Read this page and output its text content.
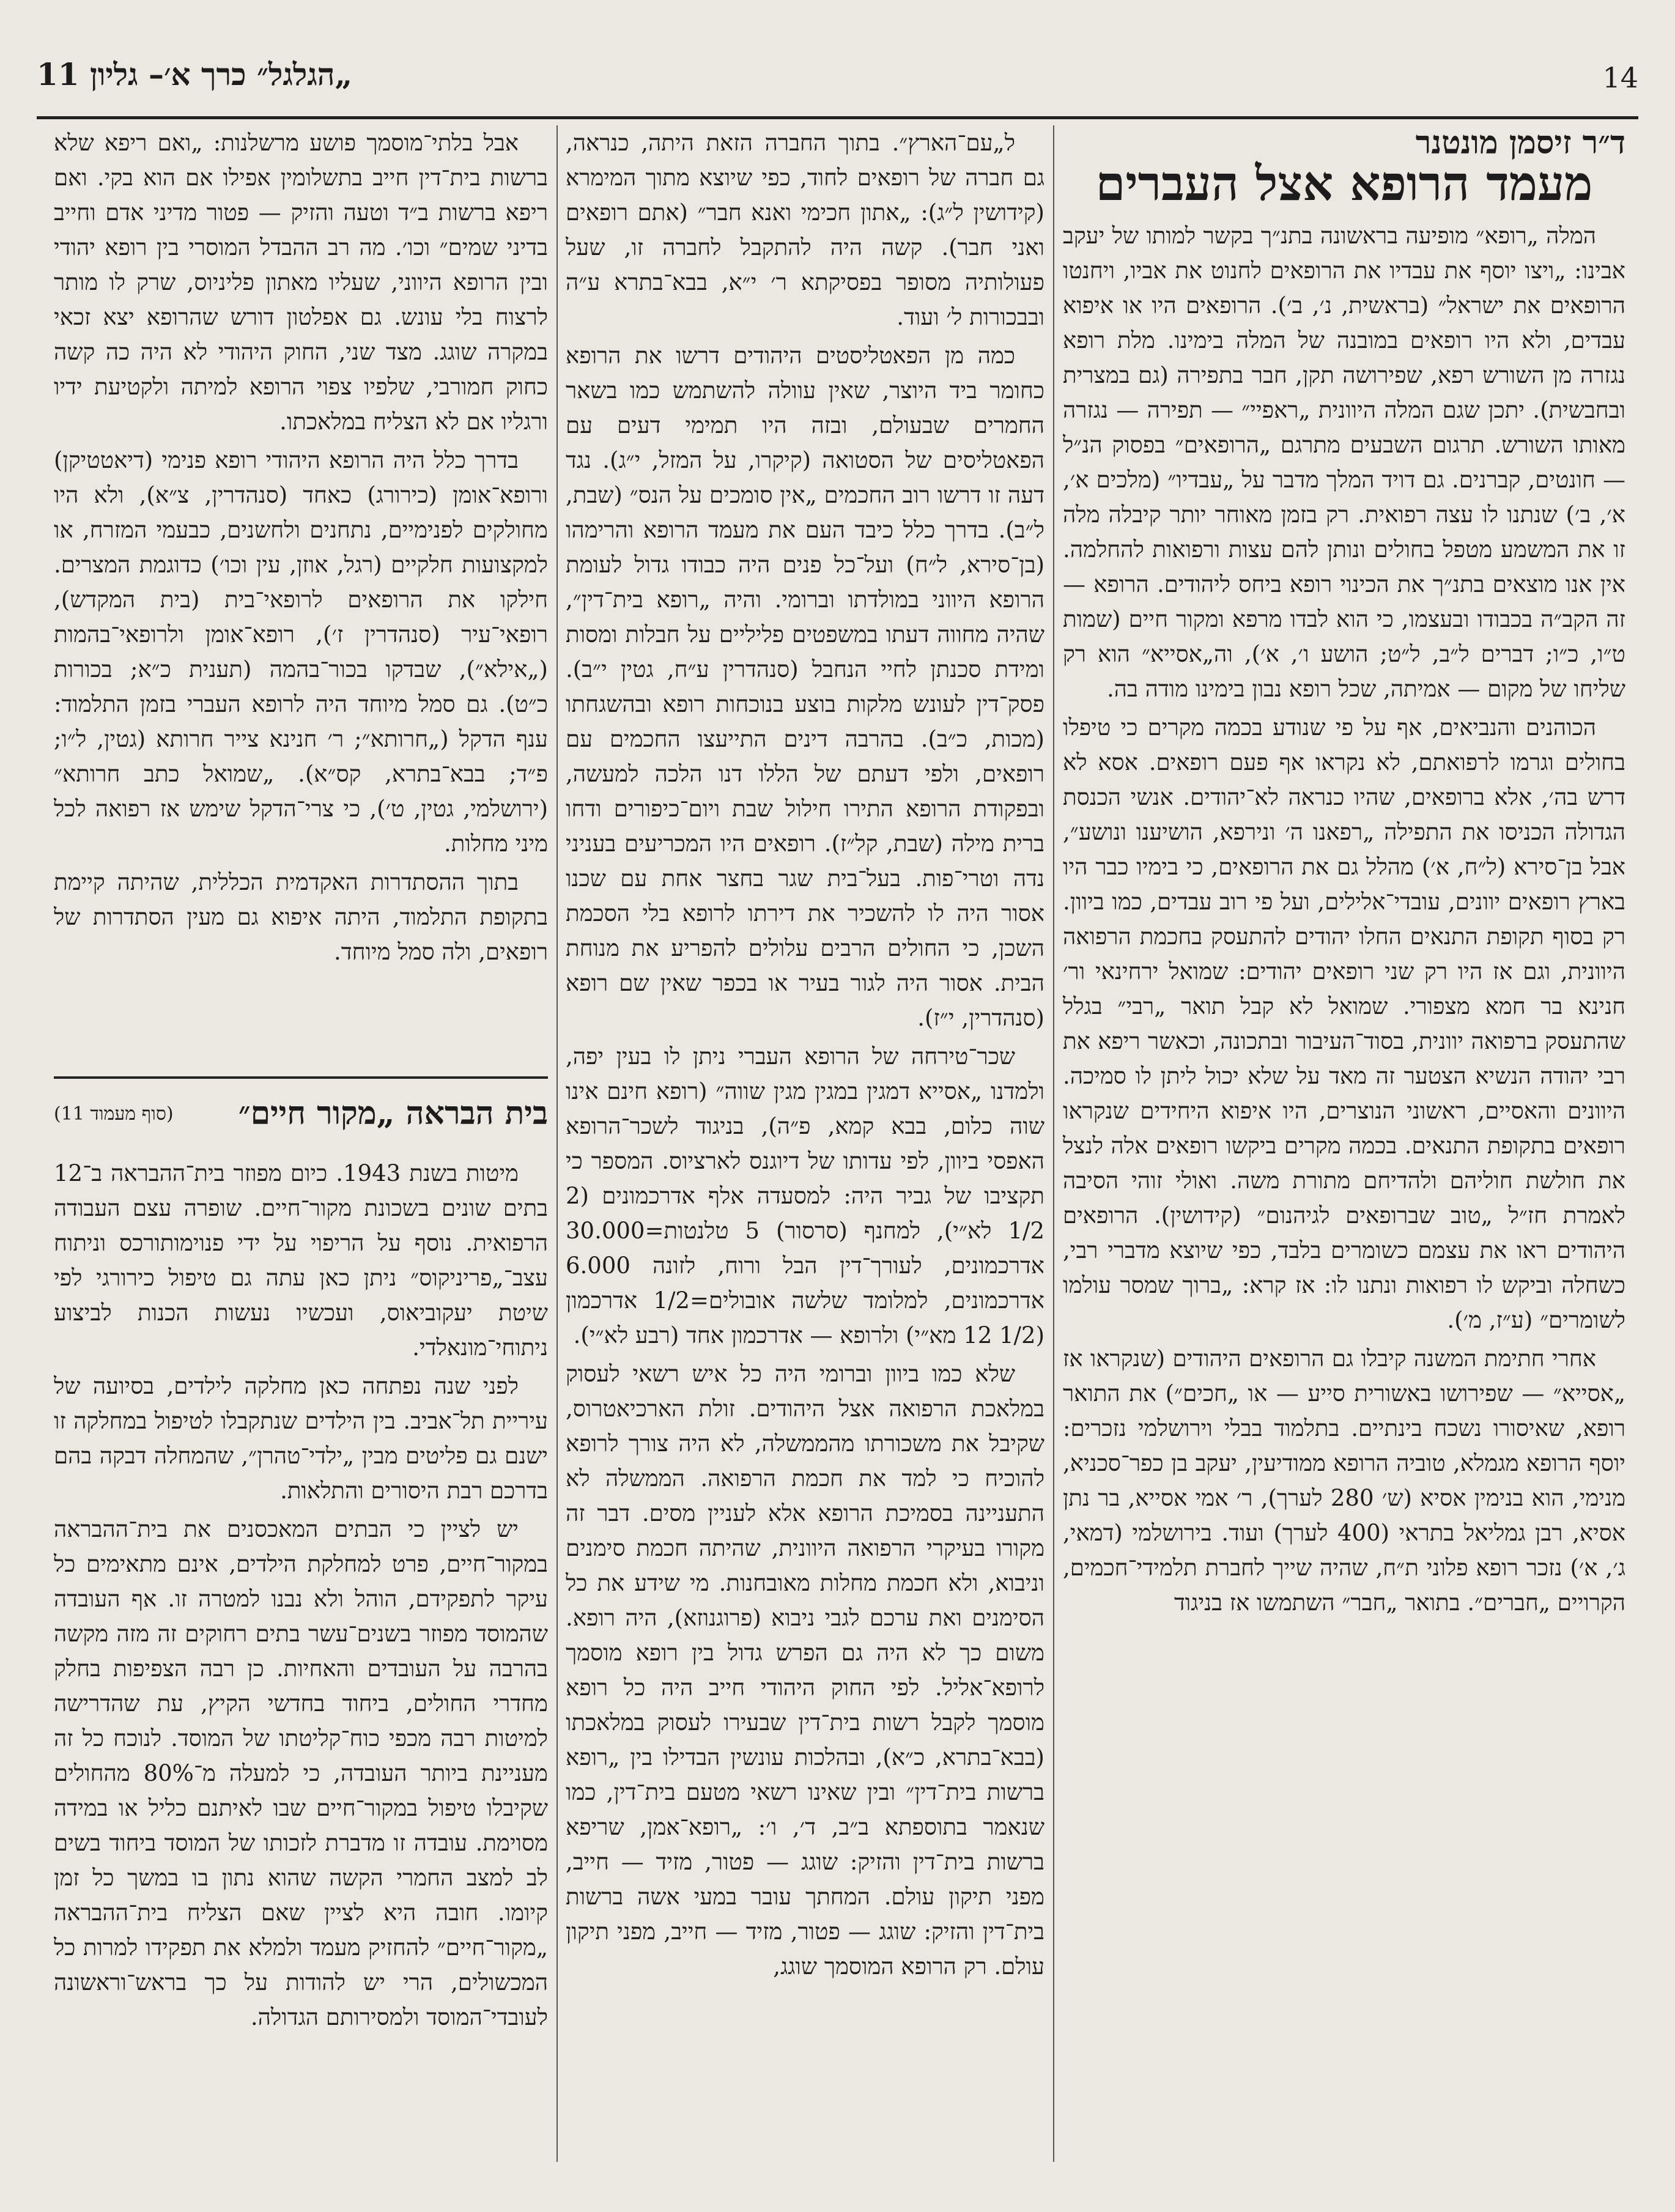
14
„הגלגל״ כרך א׳– גליון 11
ד״ר זיסמן מונטנר
מעמד הרופא אצל העברים

המלה „רופא״ מופיעה בראשונה בתנ״ך בקשר למותו של יעקב אבינו: „ויצו יוסף את עבדיו את הרופאים לחנוט את אביו, ויחנטו הרופאים את ישראל״ (בראשית, נ׳, ב׳). הרופאים היו או איפוא עבדים, ולא היו רופאים במובנה של המלה בימינו. מלת רופא נגזרה מן השורש רפא, שפירושה תקן, חבר בתפירה (גם במצרית ובחבשית). יתכן שגם המלה היוונית „ראפיי״ — תפירה — נגזרה מאותו השורש. תרגום השבעים מתרגם „הרופאים״ בפסוק הנ״ל — חונטים, קברנים. גם דויד המלך מדבר על „עבדיו״ (מלכים א׳, א׳, ב׳) שנתנו לו עצה רפואית. רק בזמן מאוחר יותר קיבלה מלה זו את המשמע מטפל בחולים ונותן להם עצות ורפואות להחלמה. אין אנו מוצאים בתנ״ך את הכינוי רופא ביחס ליהודים. הרופא — זה הקב״ה בכבודו ובעצמו, כי הוא לבדו מרפא ומקור חיים (שמות ט״ו, כ״ו; דברים ל״ב, ל״ט; הושע ו׳, א׳), וה„אסייא״ הוא רק שליחו של מקום — אמיתה, שכל רופא נבון בימינו מודה בה.

הכוהנים והנביאים, אף על פי שנודע בכמה מקרים כי טיפלו בחולים וגרמו לרפואתם, לא נקראו אף פעם רופאים. אסא לא דרש בה׳, אלא ברופאים, שהיו כנראה לא־יהודים. אנשי הכנסת הגדולה הכניסו את התפילה „רפאנו ה׳ ונירפא, הושיענו ונושע״, אבל בן־סירא (ל״ח, א׳) מהלל גם את הרופאים, כי בימיו כבר היו בארץ רופאים יוונים, עובדי־אלילים, ועל פי רוב עבדים, כמו ביוון. רק בסוף תקופת התנאים החלו יהודים להתעסק בחכמת הרפואה היוונית, וגם אז היו רק שני רופאים יהודים: שמואל ירחינאי ור׳ חנינא בר חמא מצפורי. שמואל לא קבל תואר „רבי״ בגלל שהתעסק ברפואה יוונית, בסוד־העיבור ובתכונה, וכאשר ריפא את רבי יהודה הנשיא הצטער זה מאד על שלא יכול ליתן לו סמיכה. היוונים והאסיים, ראשוני הנוצרים, היו איפוא היחידים שנקראו רופאים בתקופת התנאים. בכמה מקרים ביקשו רופאים אלה לנצל את חולשת חוליהם ולהדיחם מתורת משה. ואולי זוהי הסיבה לאמרת חז״ל „טוב שברופאים לגיהנום״ (קידושין). הרופאים היהודים ראו את עצמם כשומרים בלבד, כפי שיוצא מדברי רבי, כשחלה וביקש לו רפואות ונתנו לו: אז קרא: „ברוך שמסר עולמו לשומרים״ (ע״ז, מ׳).

אחרי חתימת המשנה קיבלו גם הרופאים היהודים (שנקראו אז „אסייא״ — שפירושו באשורית סייע — או „חכים״) את התואר רופא, שאיסורו נשכח בינתיים. בתלמוד בבלי וירושלמי נזכרים: יוסף הרופא מגמלא, טוביה הרופא ממודיעין, יעקב בן כפר־סכניא, מנימי, הוא בנימין אסיא (ש׳ 280 לערך), ר׳ אמי אסייא, בר נתן אסיא, רבן גמליאל בתראי (400 לערך) ועוד. בירושלמי (דמאי, ג׳, א׳) נזכר רופא פלוני ת״ח, שהיה שייך לחברת תלמידי־חכמים, הקרויים „חברים״. בתואר „חבר״ השתמשו אז בניגוד

ל„עם־הארץ״. בתוך החברה הזאת היתה, כנראה, גם חברה של רופאים לחוד, כפי שיוצא מתוך המימרא (קידושין ל״ג): „אתון חכימי ואנא חבר״ (אתם רופאים ואני חבר). קשה היה להתקבל לחברה זו, שעל פעולותיה מסופר בפסיקתא ר׳ י״א, בבא־בתרא ע״ה ובבכורות ל׳ ועוד.

כמה מן הפאטליסטים היהודים דרשו את הרופא כחומר ביד היוצר, שאין עוולה להשתמש כמו בשאר החמרים שבעולם, ובזה היו תמימי דעים עם הפאטליסים של הסטואה (קיקרו, על המזל, י״ג). נגד דעה זו דרשו רוב החכמים „אין סומכים על הנס״ (שבת, ל״ב). בדרך כלל כיבד העם את מעמד הרופא והרימהו (בן־סירא, ל״ח) ועל־כל פנים היה כבודו גדול לעומת הרופא היווני במולדתו וברומי. והיה „רופא בית־דין״, שהיה מחווה דעתו במשפטים פליליים על חבלות ומסות ומידת סכנתן לחיי הנחבל (סנהדרין ע״ח, גטין י״ב). פסק־דין לעונש מלקות בוצע בנוכחות רופא ובהשגחתו (מכות, כ״ב). בהרבה דינים התייעצו החכמים עם רופאים, ולפי דעתם של הללו דנו הלכה למעשה, ובפקודת הרופא התירו חילול שבת ויום־כיפורים ודחו ברית מילה (שבת, קל״ז). רופאים היו המכריעים בעניני נדה וטרי־פות. בעל־בית שגר בחצר אחת עם שכנו אסור היה לו להשכיר את דירתו לרופא בלי הסכמת השכן, כי החולים הרבים עלולים להפריע את מנוחת הבית. אסור היה לגור בעיר או בכפר שאין שם רופא (סנהדרין, י״ז).

שכר־טירחה של הרופא העברי ניתן לו בעין יפה, ולמדנו „אסייא דמגין במגין מגין שווה״ (רופא חינם אינו שוה כלום, בבא קמא, פ״ה), בניגוד לשכר־הרופא האפסי ביוון, לפי עדותו של דיוגנס לארציוס. המספר כי תקציבו של גביר היה: למסעדה אלף אדרכמונים (2 1/2 לא״י), למחנף (סרסור) 5 טלנטות=30.000 אדרכמונים, לעורך־דין הבל ורוח, לזונה 6.000 אדרכמונים, למלומד שלשה אובולים=1/2 אדרכמון (1/2 12 מא״י) ולרופא — אדרכמון אחד (רבע לא״י).

שלא כמו ביוון וברומי היה כל איש רשאי לעסוק במלאכת הרפואה אצל היהודים. זולת הארכיאטרוס, שקיבל את משכורתו מהממשלה, לא היה צורך לרופא להוכיח כי למד את חכמת הרפואה. הממשלה לא התעניינה בסמיכת הרופא אלא לעניין מסים. דבר זה מקורו בעיקרי הרפואה היוונית, שהיתה חכמת סימנים וניבוא, ולא חכמת מחלות מאובחנות. מי שידע את כל הסימנים ואת ערכם לגבי ניבוא (פרוגנוזא), היה רופא. משום כך לא היה גם הפרש גדול בין רופא מוסמך לרופא־אליל. לפי החוק היהודי חייב היה כל רופא מוסמך לקבל רשות בית־דין שבעירו לעסוק במלאכתו (בבא־בתרא, כ״א), ובהלכות עונשין הבדילו בין „רופא ברשות בית־דין״ ובין שאינו רשאי מטעם בית־דין, כמו שנאמר בתוספתא ב״ב, ד׳, ו׳: „רופא־אמן, שריפא ברשות בית־דין והזיק: שוגג — פטור, מזיד — חייב, מפני תיקון עולם. המחתך עובר במעי אשה ברשות בית־דין והזיק: שוגג — פטור, מזיד — חייב, מפני תיקון עולם. רק הרופא המוסמך שוגג,

אבל בלתי־מוסמך פושע מרשלנות: „ואם ריפא שלא ברשות בית־דין חייב בתשלומין אפילו אם הוא בקי. ואם ריפא ברשות ב״ד וטעה והזיק — פטור מדיני אדם וחייב בדיני שמים״ וכו׳. מה רב ההבדל המוסרי בין רופא יהודי ובין הרופא היווני, שעליו מאתון פליניוס, שרק לו מותר לרצוח בלי עונש. גם אפלטון דורש שהרופא יצא זכאי במקרה שוגג. מצד שני, החוק היהודי לא היה כה קשה כחוק חמורבי, שלפיו צפוי הרופא למיתה ולקטיעת ידיו ורגליו אם לא הצליח במלאכתו.

בדרך כלל היה הרופא היהודי רופא פנימי (דיאטטיקן) ורופא־אומן (כירורג) כאחד (סנהדרין, צ״א), ולא היו מחולקים לפנימיים, נתחנים ולחשנים, כבעמי המזרח, או למקצועות חלקיים (רגל, אוזן, עין וכו׳) כדוגמת המצרים. חילקו את הרופאים לרופאי־בית (בית המקדש), רופאי־עיר (סנהדרין ז׳), רופא־אומן ולרופאי־בהמות („אילא״), שבדקו בכור־בהמה (תענית כ״א; בכורות כ״ט). גם סמל מיוחד היה לרופא העברי בזמן התלמוד: ענף הדקל („חרותא״; ר׳ חנינא צייר חרותא (גטין, ל״ו; פ״ד; בבא־בתרא, קס״א). „שמואל כתב חרותא״ (ירושלמי, גטין, ט׳), כי צרי־הדקל שימש אז רפואה לכל מיני מחלות.

בתוך ההסתדרות האקדמית הכללית, שהיתה קיימת בתקופת התלמוד, היתה איפוא גם מעין הסתדרות של רופאים, ולה סמל מיוחד.

בית הבראה „מקור חיים״
(סוף מעמוד 11)

מיטות בשנת 1943. כיום מפוזר בית־ההבראה ב־12 בתים שונים בשכונת מקור־חיים. שופרה עצם העבודה הרפואית. נוסף על הריפוי על ידי פנוימותורכס וניתוח עצב־„פריניקוס״ ניתן כאן עתה גם טיפול כירורגי לפי שיטת יעקוביאוס, ועכשיו נעשות הכנות לביצוע ניתוחי־מונאלדי.

לפני שנה נפתחה כאן מחלקה לילדים, בסיועה של עיריית תל־אביב. בין הילדים שנתקבלו לטיפול במחלקה זו ישנם גם פליטים מבין „ילדי־טהרן״, שהמחלה דבקה בהם בדרכם רבת היסורים והתלאות.

יש לציין כי הבתים המאכסנים את בית־ההבראה במקור־חיים, פרט למחלקת הילדים, אינם מתאימים כל עיקר לתפקידם, הוהל ולא נבנו למטרה זו. אף העובדה שהמוסד מפוזר בשנים־עשר בתים רחוקים זה מזה מקשה בהרבה על העובדים והאחיות. כן רבה הצפיפות בחלק מחדרי החולים, ביחוד בחדשי הקיץ, עת שהדרישה למיטות רבה מכפי כוח־קליטתו של המוסד. לנוכח כל זה מעניינת ביותר העובדה, כי למעלה מ־80% מהחולים שקיבלו טיפול במקור־חיים שבו לאיתנם כליל או במידה מסוימת. עובדה זו מדברת לזכותו של המוסד ביחוד בשים לב למצב החמרי הקשה שהוא נתון בו במשך כל זמן קיומו. חובה היא לציין שאם הצליח בית־ההבראה „מקור־חיים״ להחזיק מעמד ולמלא את תפקידו למרות כל המכשולים, הרי יש להודות על כך בראש־וראשונה לעובדי־המוסד ולמסירותם הגדולה.
